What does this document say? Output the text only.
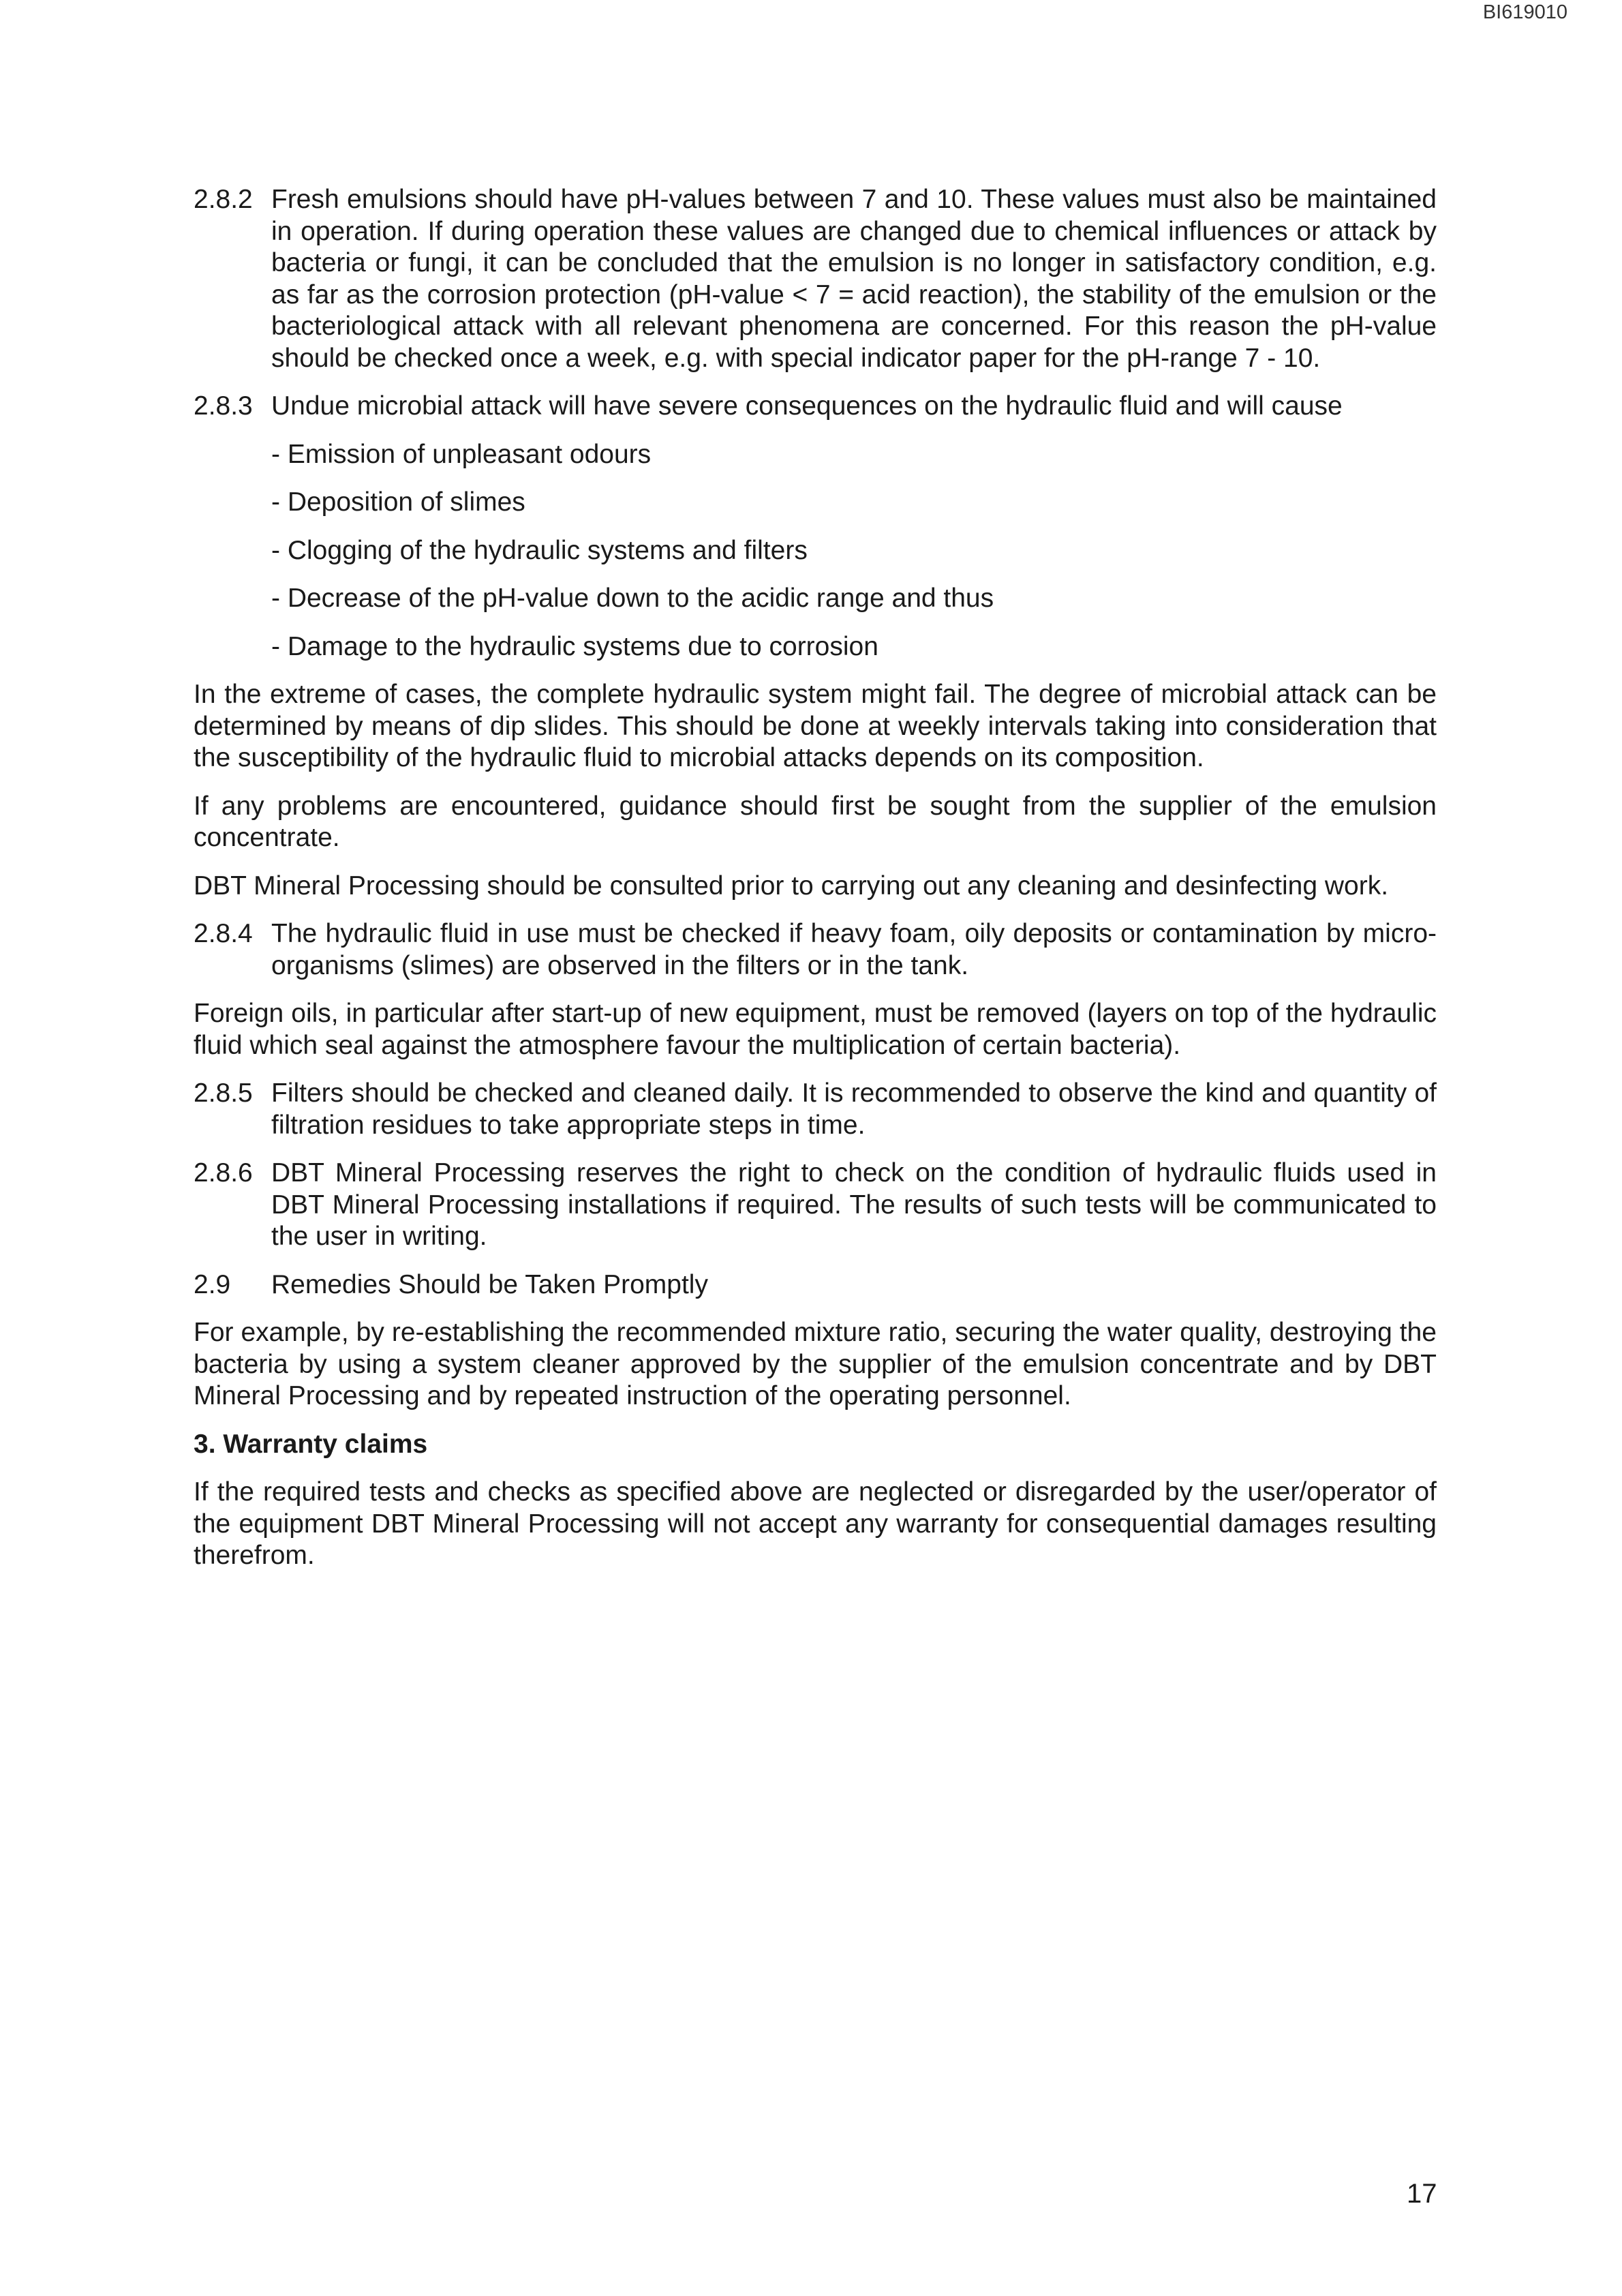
BI619010
2.8.2 Fresh emulsions should have pH-values between 7 and 10. These values must also be maintained in operation. If during operation these values are changed due to chemical influences or attack by bacteria or fungi, it can be concluded that the emulsion is no longer in satisfactory condition, e.g. as far as the corrosion protection (pH-value < 7 = acid reaction), the stability of the emulsion or the bacteriological attack with all relevant phenomena are concerned. For this reason the pH-value should be checked once a week, e.g. with special indicator paper for the pH-range 7 - 10.
2.8.3 Undue microbial attack will have severe consequences on the hydraulic fluid and will cause
- Emission of unpleasant odours
- Deposition of slimes
- Clogging of the hydraulic systems and filters
- Decrease of the pH-value down to the acidic range and thus
- Damage to the hydraulic systems due to corrosion
In the extreme of cases, the complete hydraulic system might fail. The degree of microbial attack can be determined by means of dip slides. This should be done at weekly intervals taking into consideration that the susceptibility of the hydraulic fluid to microbial attacks depends on its composition.
If any problems are encountered, guidance should first be sought from the supplier of the emulsion concentrate.
DBT Mineral Processing should be consulted prior to carrying out any cleaning and desinfecting work.
2.8.4 The hydraulic fluid in use must be checked if heavy foam, oily deposits or contamination by micro-organisms (slimes) are observed in the filters or in the tank.
Foreign oils, in particular after start-up of new equipment, must be removed (layers on top of the hydraulic fluid which seal against the atmosphere favour the multiplication of certain bacteria).
2.8.5 Filters should be checked and cleaned daily. It is recommended to observe the kind and quantity of filtration residues to take appropriate steps in time.
2.8.6 DBT Mineral Processing reserves the right to check on the condition of hydraulic fluids used in DBT Mineral Processing installations if required. The results of such tests will be communicated to the user in writing.
2.9	Remedies Should be Taken Promptly
For example, by re-establishing the recommended mixture ratio, securing the water quality, destroying the bacteria by using a system cleaner approved by the supplier of the emulsion concentrate and by DBT Mineral Processing and by repeated instruction of the operating personnel.
3. Warranty claims
If the required tests and checks as specified above are neglected or disregarded by the user/operator of the equipment DBT Mineral Processing will not accept any warranty for consequential damages resulting therefrom.
17
